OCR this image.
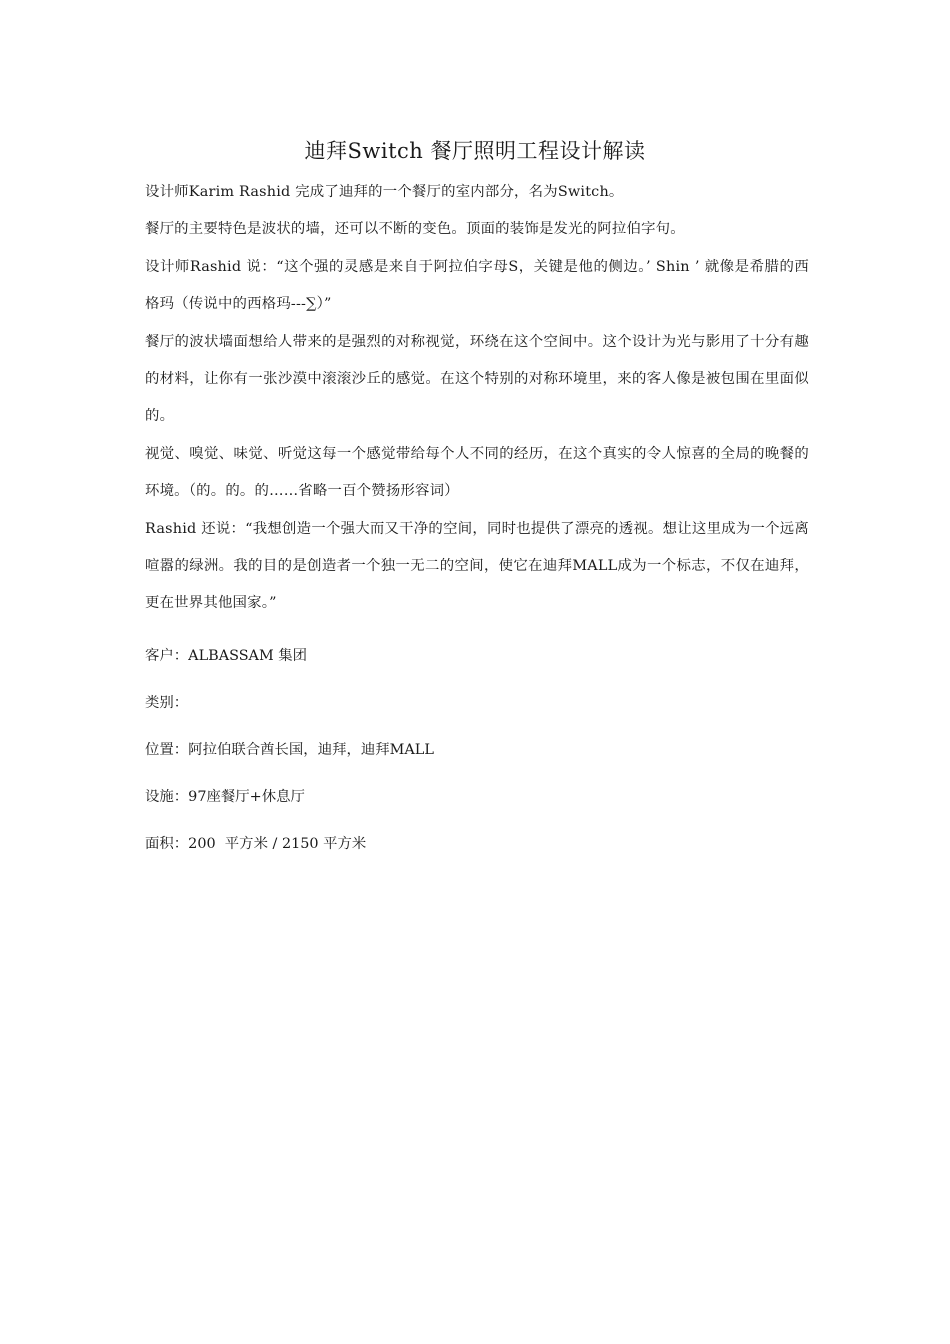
迪拜Switch 餐厅照明工程设计解读

设计师Karim Rashid 完成了迪拜的一个餐厅的室内部分，名为Switch。

餐厅的主要特色是波状的墙，还可以不断的变色。顶面的装饰是发光的阿拉伯字句。

设计师Rashid 说：“这个强的灵感是来自于阿拉伯字母S，关键是他的侧边。’ Shin ’ 就像是希腊的西格玛（传说中的西格玛---∑）”

餐厅的波状墙面想给人带来的是强烈的对称视觉，环绕在这个空间中。这个设计为光与影用了十分有趣的材料，让你有一张沙漠中滚滚沙丘的感觉。在这个特别的对称环境里，来的客人像是被包围在里面似的。

视觉、嗅觉、味觉、听觉这每一个感觉带给每个人不同的经历，在这个真实的令人惊喜的全局的晚餐的环境。（的。的。的……省略一百个赞扬形容词）

Rashid 还说：“我想创造一个强大而又干净的空间，同时也提供了漂亮的透视。想让这里成为一个远离喧嚣的绿洲。我的目的是创造者一个独一无二的空间，使它在迪拜MALL成为一个标志，不仅在迪拜，更在世界其他国家。”

客户：ALBASSAM 集团

类别：

位置：阿拉伯联合酋长国，迪拜，迪拜MALL

设施：97座餐厅+休息厅

面积：200  平方米 / 2150 平方米
